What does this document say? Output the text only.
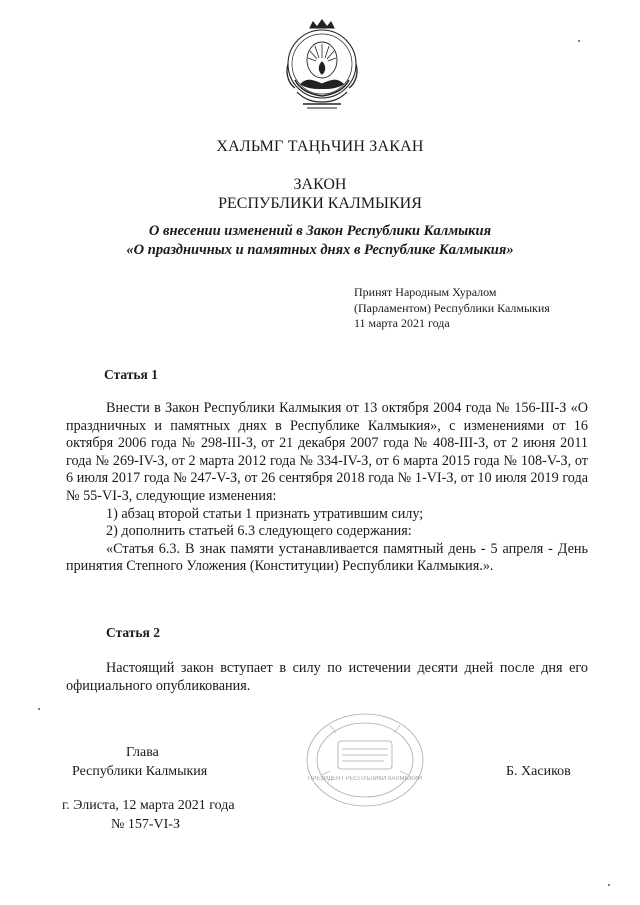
ХАЛЬМГ ТАҢҺЧИН ЗАКАН
ЗАКОН
РЕСПУБЛИКИ КАЛМЫКИЯ
О внесении изменений в Закон Республики Калмыкия
«О праздничных и памятных днях в Республике Калмыкия»
Принят Народным Хуралом
(Парламентом) Республики Калмыкия
11 марта 2021 года
Статья 1

Внести в Закон Республики Калмыкия от 13 октября 2004 года № 156-III-З «О праздничных и памятных днях в Республике Калмыкия», с изменениями от 16 октября 2006 года № 298-III-З, от 21 декабря 2007 года № 408-III-З, от 2 июня 2011 года № 269-IV-З, от 2 марта 2012 года № 334-IV-З, от 6 марта 2015 года № 108-V-З, от 6 июля 2017 года № 247-V-З, от 26 сентября 2018 года № 1-VI-З, от 10 июля 2019 года № 55-VI-З, следующие изменения:

1) абзац второй статьи 1 признать утратившим силу;

2) дополнить статьей 6.3 следующего содержания:

«Статья 6.3. В знак памяти устанавливается памятный день - 5 апреля - День принятия Степного Уложения (Конституции) Республики Калмыкия.».

Статья 2

Настоящий закон вступает в силу по истечении десяти дней после дня его официального опубликования.

ПРЕЗИДЕНТ РЕСПУБЛИКИ КАЛМЫКИЯ
Глава
Республики Калмыкия	Б. Хасиков
г. Элиста, 12 марта 2021 года
№ 157-VI-З
